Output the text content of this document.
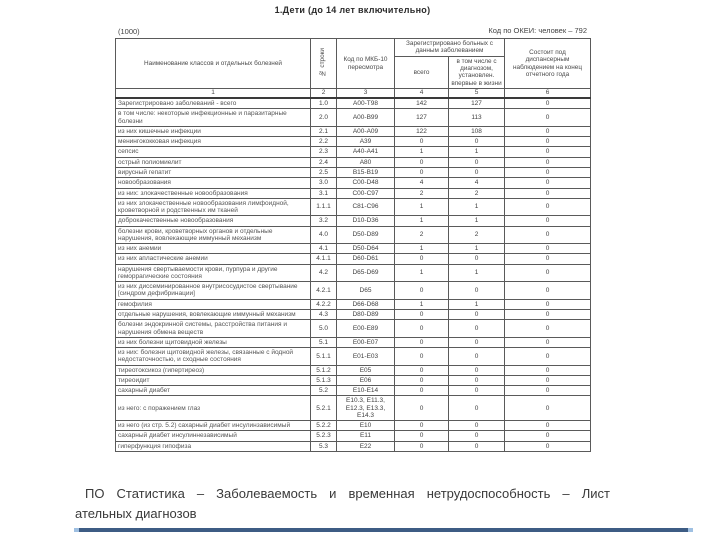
1.Дети (до 14 лет включительно)
(1000)	Код по ОКЕИ: человек – 792
Наименование классов и отдельных болезней	№ строки	Код по МКБ-10 пересмотра	Зарегистрировано больных с данным заболеванием		Состоит под диспансерным наблюдением на конец отчетного года
			всего	в том числе с диагнозом, установлен. впервые в жизни	
1	2	3	4	5	6
Зарегистрировано заболеваний - всего	1.0	A00-T98	142	127	0
в том числе: некоторые инфекционные и паразитарные болезни	2.0	A00-B99	127	113	0
из них кишечные инфекции	2.1	A00-A09	122	108	0
менингококковая инфекция	2.2	A39	0	0	0
сепсис	2.3	A40-A41	1	1	0
острый полиомиелит	2.4	A80	0	0	0
вирусный гепатит	2.5	B15-B19	0	0	0
новообразования	3.0	C00-D48	4	4	0
из них: злокачественные новообразования	3.1	C00-C97	2	2	0
из них злокачественные новообразования лимфоидной, кроветворной и родственных им тканей	1.1.1	C81-C96	1	1	0
доброкачественные новообразования	3.2	D10-D36	1	1	0
болезни крови, кроветворных органов и отдельные нарушения, вовлекающие иммунный механизм	4.0	D50-D89	2	2	0
из них анемии	4.1	D50-D64	1	1	0
из них апластические анемии	4.1.1	D60-D61	0	0	0
нарушения свертываемости крови, пурпура и другие геморрагические состояния	4.2	D65-D69	1	1	0
из них диссеминированное внутрисосудистое свертывание [синдром дефибринации]	4.2.1	D65	0	0	0
гемофилия	4.2.2	D66-D68	1	1	0
отдельные нарушения, вовлекающие иммунный механизм	4.3	D80-D89	0	0	0
болезни эндокринной системы, расстройства питания и нарушения обмена веществ	5.0	E00-E89	0	0	0
из них болезни щитовидной железы	5.1	E00-E07	0	0	0
из них: болезни щитовидной железы, связанные с йодной недостаточностью, и сходные состояния	5.1.1	E01-E03	0	0	0
тиреотоксикоз (гипертиреоз)	5.1.2	E05	0	0	0
тиреоидит	5.1.3	E06	0	0	0
сахарный диабет	5.2	E10-E14	0	0	0
из него: с поражением глаз	5.2.1	E10.3, E11.3, E12.3, E13.3, E14.3	0	0	0
из него (из стр. 5.2) сахарный диабет инсулинзависимый	5.2.2	E10	0	0	0
сахарный диабет инсулиннезависимый	5.2.3	E11	0	0	0
гиперфункция гипофиза	5.3	E22	0	0	0
ПО Статистика – Заболеваемость и временная нетрудоспособность – Лист
ательных диагнозов
